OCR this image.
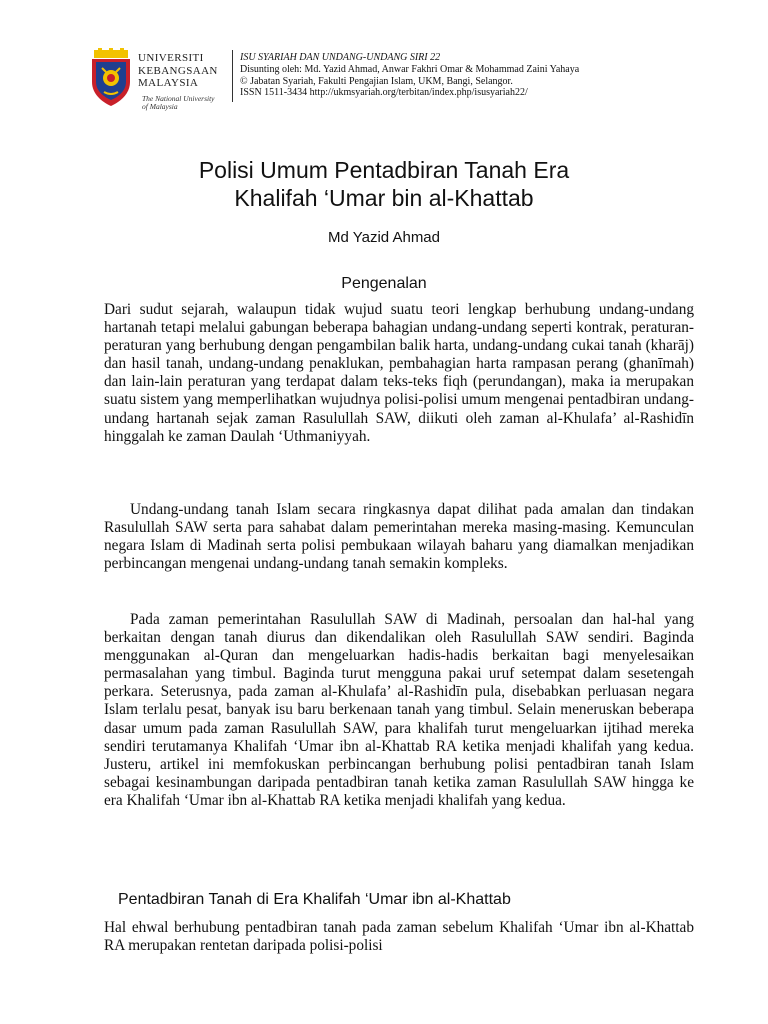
UNIVERSITI
KEBANGSAAN
MALAYSIA
The National University
of Malaysia
ISU SYARIAH DAN UNDANG-UNDANG SIRI 22
Disunting oleh: Md. Yazid Ahmad, Anwar Fakhri Omar & Mohammad Zaini Yahaya
© Jabatan Syariah, Fakulti Pengajian Islam, UKM, Bangi, Selangor.
ISSN 1511-3434 http://ukmsyariah.org/terbitan/index.php/isusyariah22/
Polisi Umum Pentadbiran Tanah Era
Khalifah ‘Umar bin al-Khattab
Md Yazid Ahmad
Pengenalan

Dari sudut sejarah, walaupun tidak wujud suatu teori lengkap berhubung undang-undang hartanah tetapi melalui gabungan beberapa bahagian undang-undang seperti kontrak, peraturan-peraturan yang berhubung dengan pengambilan balik harta, undang-undang cukai tanah (kharāj) dan hasil tanah, undang-undang penaklukan, pembahagian harta rampasan perang (ghanīmah) dan lain-lain peraturan yang terdapat dalam teks-teks fiqh (perundangan), maka ia merupakan suatu sistem yang memperlihatkan wujudnya polisi-polisi umum mengenai pentadbiran undang-undang hartanah sejak zaman Rasulullah SAW, diikuti oleh zaman al-Khulafa’ al-Rashidīn hinggalah ke zaman Daulah ‘Uthmaniyyah.

Undang-undang tanah Islam secara ringkasnya dapat dilihat pada amalan dan tindakan Rasulullah SAW serta para sahabat dalam pemerintahan mereka masing-masing. Kemunculan negara Islam di Madinah serta polisi pembukaan wilayah baharu yang diamalkan menjadikan perbincangan mengenai undang-undang tanah semakin kompleks.

Pada zaman pemerintahan Rasulullah SAW di Madinah, persoalan dan hal-hal yang berkaitan dengan tanah diurus dan dikendalikan oleh Rasulullah SAW sendiri. Baginda menggunakan al-Quran dan mengeluarkan hadis-hadis berkaitan bagi menyelesaikan permasalahan yang timbul. Baginda turut mengguna pakai uruf setempat dalam sesetengah perkara. Seterusnya, pada zaman al-Khulafa’ al-Rashidīn pula, disebabkan perluasan negara Islam terlalu pesat, banyak isu baru berkenaan tanah yang timbul. Selain meneruskan beberapa dasar umum pada zaman Rasulullah SAW, para khalifah turut mengeluarkan ijtihad mereka sendiri terutamanya Khalifah ‘Umar ibn al-Khattab RA ketika menjadi khalifah yang kedua. Justeru, artikel ini memfokuskan perbincangan berhubung polisi pentadbiran tanah Islam sebagai kesinambungan daripada pentadbiran tanah ketika zaman Rasulullah SAW hingga ke era Khalifah ‘Umar ibn al-Khattab RA ketika menjadi khalifah yang kedua.

Pentadbiran Tanah di Era Khalifah ‘Umar ibn al-Khattab

Hal ehwal berhubung pentadbiran tanah pada zaman sebelum Khalifah ‘Umar ibn al-Khattab RA merupakan rentetan daripada polisi-polisi
